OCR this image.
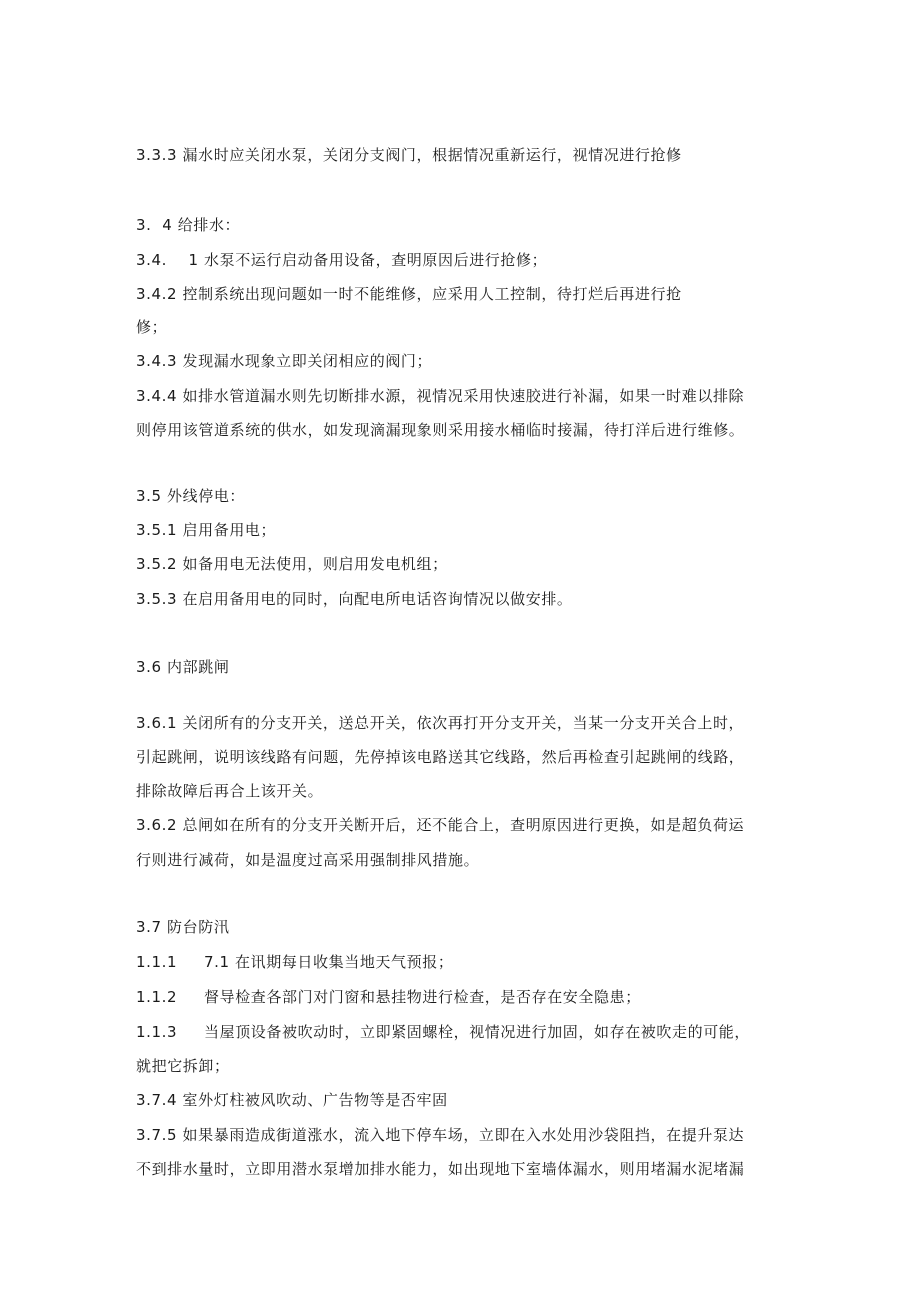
3.3.3 漏水时应关闭水泵，关闭分支阀门，根据情况重新运行，视情况进行抢修
3.  4 给排水：
3.4.    1 水泵不运行启动备用设备，查明原因后进行抢修；
3.4.2 控制系统出现问题如一时不能维修，应采用人工控制，待打烂后再进行抢
修；
3.4.3 发现漏水现象立即关闭相应的阀门；
3.4.4 如排水管道漏水则先切断排水源，视情况采用快速胶进行补漏，如果一时难以排除
则停用该管道系统的供水，如发现滴漏现象则采用接水桶临时接漏，待打洋后进行维修。
3.5 外线停电：
3.5.1 启用备用电；
3.5.2 如备用电无法使用，则启用发电机组；
3.5.3 在启用备用电的同时，向配电所电话咨询情况以做安排。
3.6 内部跳闸
3.6.1 关闭所有的分支开关，送总开关，依次再打开分支开关，当某一分支开关合上时，
引起跳闸，说明该线路有问题，先停掉该电路送其它线路，然后再检查引起跳闸的线路，
排除故障后再合上该开关。
3.6.2 总闸如在所有的分支开关断开后，还不能合上，查明原因进行更换，如是超负荷运
行则进行减荷，如是温度过高采用强制排风措施。
3.7 防台防汛
1.1.1     7.1 在讯期每日收集当地天气预报；
1.1.2     督导检查各部门对门窗和悬挂物进行检查，是否存在安全隐患；
1.1.3     当屋顶设备被吹动时，立即紧固螺栓，视情况进行加固，如存在被吹走的可能，
就把它拆卸；
3.7.4 室外灯柱被风吹动、广告物等是否牢固
3.7.5 如果暴雨造成街道涨水，流入地下停车场，立即在入水处用沙袋阻挡，在提升泵达
不到排水量时，立即用潜水泵增加排水能力，如出现地下室墙体漏水，则用堵漏水泥堵漏
